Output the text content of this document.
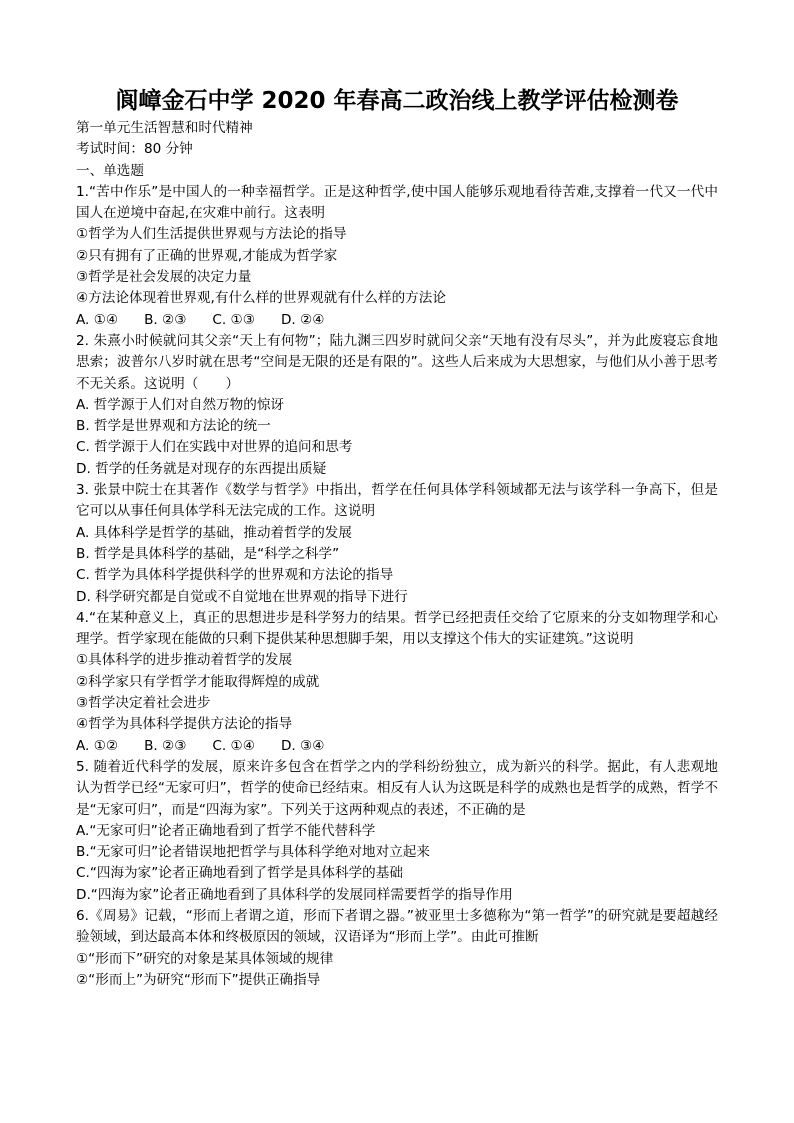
阆嶂金石中学 2020 年春高二政治线上教学评估检测卷
第一单元生活智慧和时代精神
考试时间：80 分钟
一、单选题
1.“苦中作乐”是中国人的一种幸福哲学。正是这种哲学,使中国人能够乐观地看待苦难,支撑着一代又一代中国人在逆境中奋起,在灾难中前行。这表明
①哲学为人们生活提供世界观与方法论的指导
②只有拥有了正确的世界观,才能成为哲学家
③哲学是社会发展的决定力量
④方法论体现着世界观,有什么样的世界观就有什么样的方法论
A. ①④ B. ②③ C. ①③ D. ②④
2. 朱熹小时候就问其父亲“天上有何物”；陆九渊三四岁时就问父亲“天地有没有尽头”，并为此废寝忘食地思索；波普尔八岁时就在思考“空间是无限的还是有限的”。这些人后来成为大思想家，与他们从小善于思考不无关系。这说明（　　）
A. 哲学源于人们对自然万物的惊讶
B. 哲学是世界观和方法论的统一
C. 哲学源于人们在实践中对世界的追问和思考
D. 哲学的任务就是对现存的东西提出质疑
3. 张景中院士在其著作《数学与哲学》中指出，哲学在任何具体学科领域都无法与该学科一争高下，但是它可以从事任何具体学科无法完成的工作。这说明
A. 具体科学是哲学的基础，推动着哲学的发展
B. 哲学是具体科学的基础，是“科学之科学”
C. 哲学为具体科学提供科学的世界观和方法论的指导
D. 科学研究都是自觉或不自觉地在世界观的指导下进行
4.“在某种意义上，真正的思想进步是科学努力的结果。哲学已经把责任交给了它原来的分支如物理学和心理学。哲学家现在能做的只剩下提供某种思想脚手架，用以支撑这个伟大的实证建筑。”这说明
①具体科学的进步推动着哲学的发展
②科学家只有学哲学才能取得辉煌的成就
③哲学决定着社会进步
④哲学为具体科学提供方法论的指导
A. ①② B. ②③ C. ①④ D. ③④
5. 随着近代科学的发展，原来许多包含在哲学之内的学科纷纷独立，成为新兴的科学。据此，有人悲观地认为哲学已经“无家可归”，哲学的使命已经结束。相反有人认为这既是科学的成熟也是哲学的成熟，哲学不是“无家可归”，而是“四海为家”。下列关于这两种观点的表述，不正确的是
A.“无家可归”论者正确地看到了哲学不能代替科学
B.“无家可归”论者错误地把哲学与具体科学绝对地对立起来
C.“四海为家”论者正确地看到了哲学是具体科学的基础
D.“四海为家”论者正确地看到了具体科学的发展同样需要哲学的指导作用
6.《周易》记载，“形而上者谓之道，形而下者谓之器。”被亚里士多德称为“第一哲学”的研究就是要超越经验领域，到达最高本体和终极原因的领域，汉语译为“形而上学”。由此可推断
①“形而下”研究的对象是某具体领域的规律
②“形而上”为研究“形而下”提供正确指导
